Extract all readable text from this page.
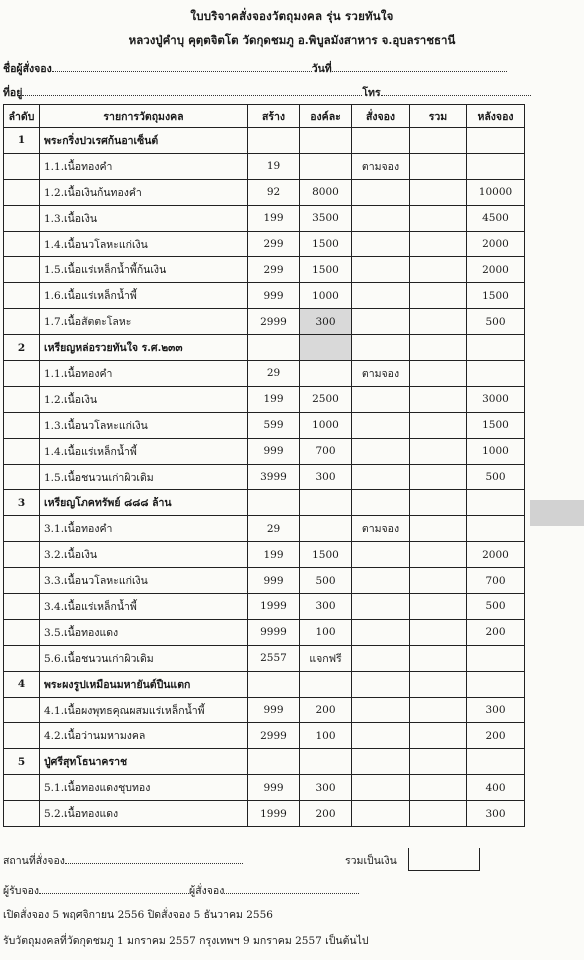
ใบบริจาคสั่งจองวัตถุมงคล รุ่น รวยทันใจ
หลวงปู่คำบุ คุตฺตจิตโต วัดกุดชมภู อ.พิบูลมังสาหาร จ.อุบลราชธานี
ชื่อผู้สั่งจอง	วันที่
ที่อยู่	โทร
ลำดับ	รายการวัตถุมงคล	สร้าง	องค์ละ	สั่งจอง	รวม	หลังจอง
1	พระกริ่งปวเรศก้นอาเซ็นต์					
	1.1.เนื้อทองคำ	19		ตามจอง		
	1.2.เนื้อเงินก้นทองคำ	92	8000			10000
	1.3.เนื้อเงิน	199	3500			4500
	1.4.เนื้อนวโลหะแก่เงิน	299	1500			2000
	1.5.เนื้อแร่เหล็กน้ำพี้ก้นเงิน	299	1500			2000
	1.6.เนื้อแร่เหล็กน้ำพี้	999	1000			1500
	1.7.เนื้อสัตตะโลหะ	2999	300			500
2	เหรียญหล่อรวยทันใจ ร.ศ.๒๓๓					
	1.1.เนื้อทองคำ	29		ตามจอง		
	1.2.เนื้อเงิน	199	2500			3000
	1.3.เนื้อนวโลหะแก่เงิน	599	1000			1500
	1.4.เนื้อแร่เหล็กน้ำพี้	999	700			1000
	1.5.เนื้อชนวนเก่าผิวเดิม	3999	300			500
3	เหรียญโภคทรัพย์ ๘๘๘ ล้าน					
	3.1.เนื้อทองคำ	29		ตามจอง		
	3.2.เนื้อเงิน	199	1500			2000
	3.3.เนื้อนวโลหะแก่เงิน	999	500			700
	3.4.เนื้อแร่เหล็กน้ำพี้	1999	300			500
	3.5.เนื้อทองแดง	9999	100			200
	5.6.เนื้อชนวนเก่าผิวเดิม	2557	แจกฟรี			
4	พระผงรูปเหมือนมหายันต์ปืนแตก					
	4.1.เนื้อผงพุทธคุณผสมแร่เหล็กน้ำพี้	999	200			300
	4.2.เนื้อว่านมหามงคล	2999	100			200
5	ปู่ศรีสุทโธนาคราช					
	5.1.เนื้อทองแดงชุบทอง	999	300			400
	5.2.เนื้อทองแดง	1999	200			300
สถานที่สั่งจอง	รวมเป็นเงิน
ผู้รับจอง	ผู้สั่งจอง
เปิดสั่งจอง 5 พฤศจิกายน 2556 ปิดสั่งจอง 5 ธันวาคม 2556
รับวัตถุมงคลที่วัดกุดชมภู 1 มกราคม 2557 กรุงเทพฯ 9 มกราคม 2557 เป็นต้นไป
